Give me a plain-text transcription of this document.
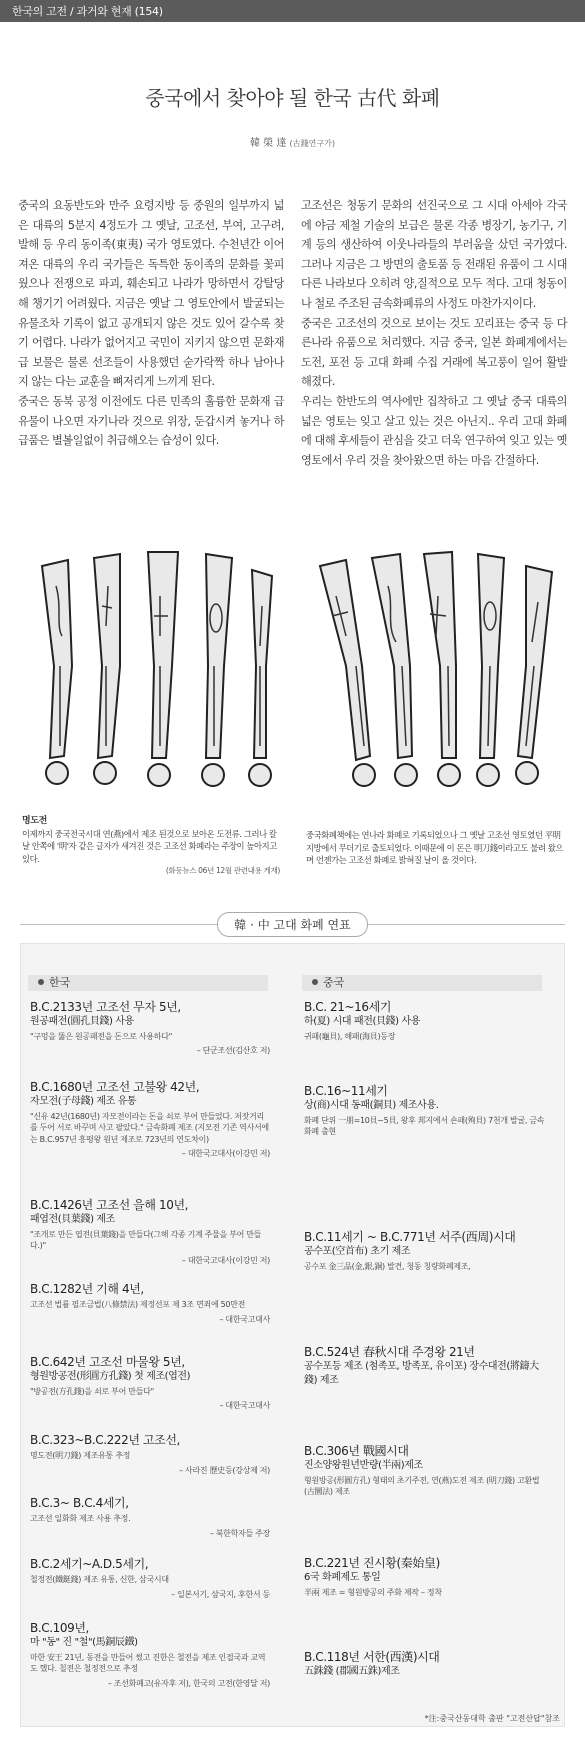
한국의 고전 / 과거와 현재 (154)
중국에서 찾아야 될 한국 古代 화폐
韓 榮 達 (古錢연구가)

중국의 요동반도와 만주 요령지방 등 중원의 일부까지 넓은 대륙의 5분지 4정도가 그 옛날, 고조선, 부여, 고구려, 발해 등 우리 동이족(東夷) 국가 영토였다. 수천년간 이어져온 대륙의 우리 국가들은 독특한 동이족의 문화를 꽃피웠으나 전쟁으로 파괴, 훼손되고 나라가 망하면서 강탈당해 챙기기 어려웠다. 지금은 옛날 그 영토안에서 발굴되는 유물조차 기록이 없고 공개되지 않은 것도 있어 갈수록 찾기 어렵다. 나라가 없어지고 국민이 지키지 않으면 문화재급 보물은 물론 선조들이 사용했던 숟가락짝 하나 남아나지 않는 다는 교훈을 뼈저리게 느끼게 된다.

중국은 동북 공정 이전에도 다른 민족의 훌륭한 문화재 급유물이 나오면 자기나라 것으로 위장, 둔갑시켜 놓거나 하급품은 별볼일없이 취급해오는 습성이 있다.

고조선은 청동기 문화의 선진국으로 그 시대 아세아 각국에 야금 제철 기술의 보급은 물론 각종 병장기, 농기구, 기계 등의 생산하여 이웃나라들의 부러움을 샀던 국가였다. 그러나 지금은 그 방면의 출토품 등 전래된 유품이 그 시대 다른 나라보다 오히려 양,질적으로 모두 적다. 고대 청동이나 철로 주조된 금속화폐류의 사정도 마찬가지이다.

중국은 고조선의 것으로 보이는 것도 꼬리표는 중국 등 다른나라 유품으로 처리했다. 지금 중국, 일본 화폐계에서는 도전, 포전 등 고대 화폐 수집 거래에 복고풍이 일어 활발해졌다.

우리는 한반도의 역사에만 집착하고 그 옛날 중국 대륙의 넓은 영토는 잊고 살고 있는 것은 아닌지.. 우리 고대 화폐에 대해 후세들이 관심을 갖고 더욱 연구하여 잊고 있는 옛 영토에서 우리 것을 찾아왔으면 하는 마음 간절하다.

명도전
이제까지 중국전국시대 연(燕)에서 제조 된것으로 보아온 도전류. 그러나 칼날 안쪽에 '明'자 같은 글자가 새겨진 것은 고조선 화폐라는 주장이 높아지고 있다.
(화동뉴스 06년 12월 관련내용 게재)
중국화폐책에는 연나라 화폐로 기록되었으나 그 옛날 고조선 영토였던 平明지방에서 무더기로 출토되었다. 이때문에 이 돈은 明刀錢이라고도 불려 왔으며 언젠가는 고조선 화폐로 밝혀질 날이 올 것이다.
韓 · 中 고대 화폐 연표
한국	중국
B.C.2133년 고조선 무자 5년,
원공패전(圓孔貝錢) 사용
"구멍을 뚫은 원공패전을 돈으로 사용하다"
– 단군조선(김산호 저)
B.C.1680년 고조선 고불왕 42년,
자모전(子母錢) 제조 유통
"신유 42년(1680년) 자모전이라는 돈을 쇠로 부어 만들었다. 저잣거리를 두어 서로 바꾸며 사고 팔았다." 금속화폐 제조 (지모전 기존 역사서에는 B.C.957년 흥평왕 원년 제조로 723년의 연도차이)
– 대한국고대사(이강민 저)
B.C.1426년 고조선 을해 10년,
패엽전(貝葉錢) 제조
"조개로 만든 엽전(貝葉錢)을 만들다(그해 각종 기계 주물을 부어 만들다.)"
– 대한국고대사(이강민 저)
B.C.1282년 기해 4년,
고조선 법률 필조금법(八條禁法) 제정선포 제 3조 면죄에 50만전
– 대한국고대사
B.C.642년 고조선 마물왕 5년,
형원방공전(形圓方孔錢) 첫 제조(엽전)
"방공전(方孔錢)을 쇠로 부어 만들다"
– 대한국고대사
B.C.323~B.C.222년 고조선,
명도전(明刀錢) 제조유통 추정
– 사라진 歷史등(강상제 저)
B.C.3~ B.C.4세기,
고조선 일화화 제조 사용 추정.
– 북한학자들 주장
B.C.2세기~A.D.5세기,
철정전(鐵鋌錢) 제조 유통, 신한, 삼국시대
– 일본서기, 삼국지, 후한서 등
B.C.109년,
마 "동" 진 "철"(馬銅辰鐵)
마한 安王 21년, 동전을 만들어 썼고 진한은 철전을 제조 인접국과 교역도 했다. 칠전은 철정전으로 추정
– 조선화폐고(유자후 저), 한국의 고전(한영달 저)
B.C. 21~16세기
하(夏) 시대 패전(貝錢) 사용
귀패(龜貝), 해패(海貝)등장
B.C.16~11세기
상(商)시대 동패(銅貝) 제조사용.
화폐 단위 一朋=10貝~5貝, 왕후 邦지에서 숀패(殉貝) 7천개 발굴, 금속 화폐 출현
B.C.11세기 ~ B.C.771년 서주(西周)시대
공수포(空首布) 초기 제조
공수포 金三品(金,銀,銅) 발견, 청동 칭량화폐제조,
B.C.524년 春秋시대 주경왕 21년
공수포등 제조 (첨족포, 방족포, 유이포) 장수대전(將鑄大錢) 제조
B.C.306년 戰國시대
진소양왕원년반량(半兩)제조
형원방공(形圓方孔) 형태의 초기주전, 연(燕)도전 제조 (明刀錢) 고환법(古圜法) 제조
B.C.221년 진시황(秦始皇)
6국 화폐제도 통일
半兩 제조 = 형원방공의 주화 제작 – 정착
B.C.118년 서한(西漢)시대
五銖錢 (郡國五銖)제조
*注:중국산동대학 출판 "고전산답"참조
